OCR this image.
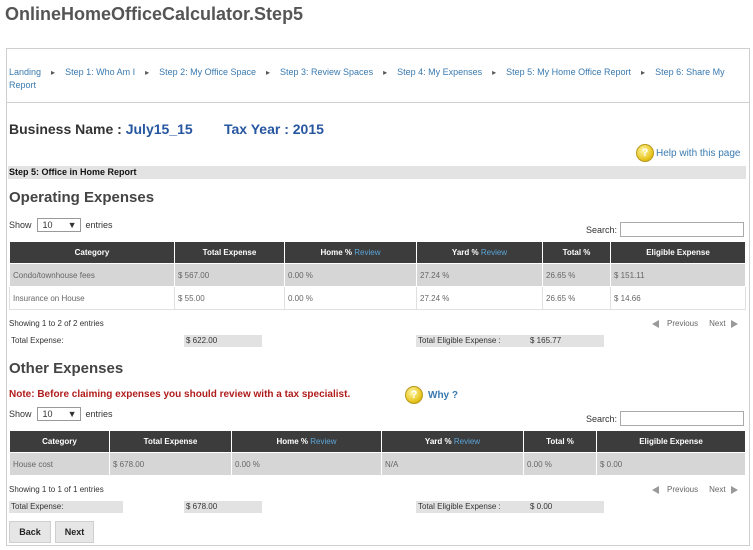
OnlineHomeOfficeCalculator.Step5
Landing ▸ Step 1: Who Am I ▸ Step 2: My Office Space ▸ Step 3: Review Spaces ▸ Step 4: My Expenses ▸ Step 5: My Home Office Report ▸ Step 6: Share My Report
Business Name : July15_15 Tax Year : 2015
? Help with this page
Step 5: Office in Home Report
Operating Expenses
Show 10 ▼ entries	Search:
Category	Total Expense	Home % Review	Yard % Review	Total %	Eligible Expense
Condo/townhouse fees	$ 567.00	0.00 %	27.24 %	26.65 %	$ 151.11
Insurance on House	$ 55.00	0.00 %	27.24 %	26.65 %	$ 14.66
Showing 1 to 2 of 2 entries	Previous Next
Total Expense:	$ 622.00	Total Eligible Expense :	$ 165.77
Other Expenses
Note: Before claiming expenses you should review with a tax specialist.	?	Why ?
Show 10 ▼ entries	Search:
Category	Total Expense	Home % Review	Yard % Review	Total %	Eligible Expense
House cost	$ 678.00	0.00 %	N/A	0.00 %	$ 0.00
Showing 1 to 1 of 1 entries	Previous Next
Total Expense:	$ 678.00	Total Eligible Expense :	$ 0.00
Back	Next
